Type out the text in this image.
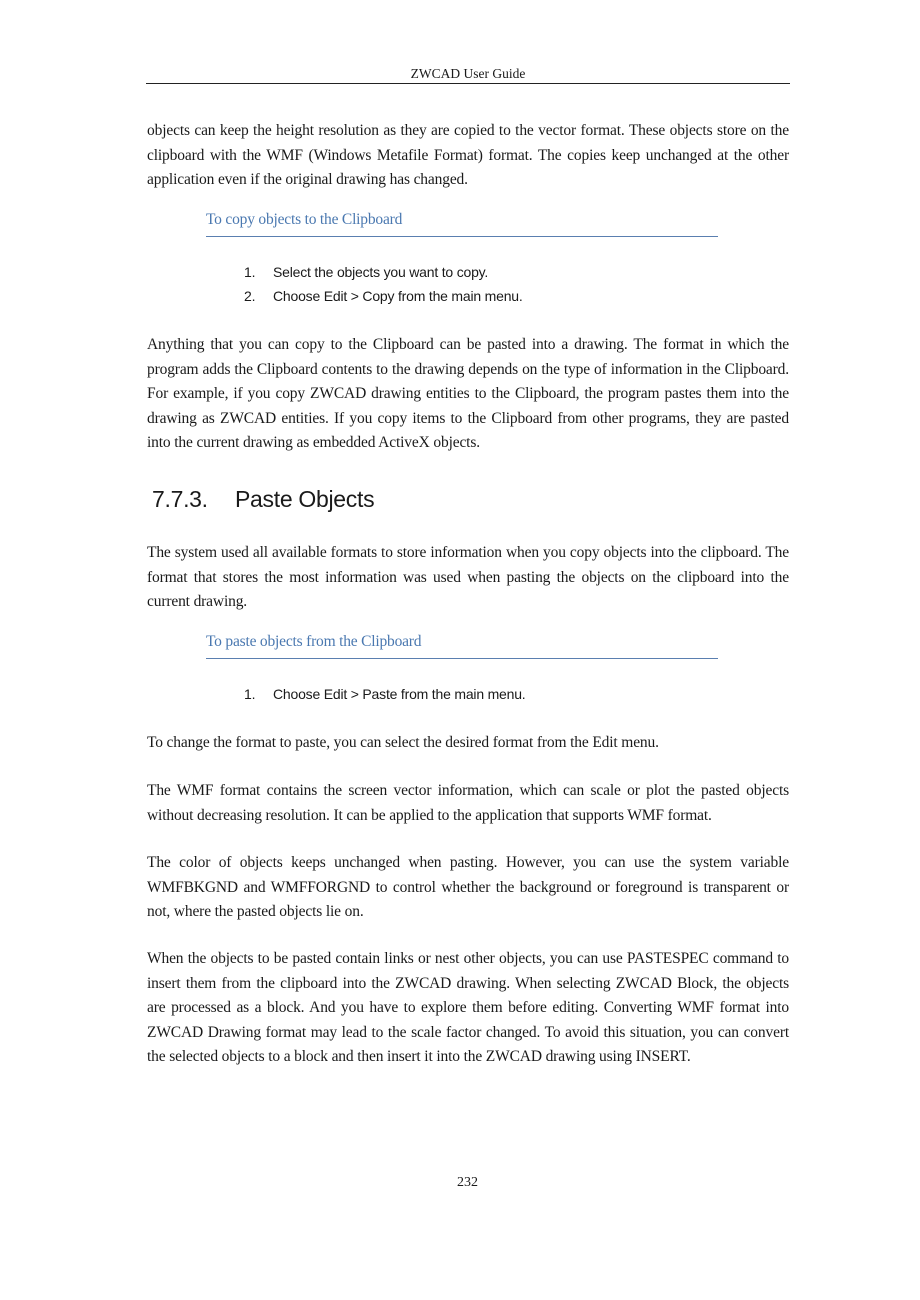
ZWCAD User Guide

objects can keep the height resolution as they are copied to the vector format. These objects store on the clipboard with the WMF (Windows Metafile Format) format. The copies keep unchanged at the other application even if the original drawing has changed.

To copy objects to the Clipboard
1. Select the objects you want to copy.
2. Choose Edit > Copy from the main menu.

Anything that you can copy to the Clipboard can be pasted into a drawing. The format in which the program adds the Clipboard contents to the drawing depends on the type of information in the Clipboard. For example, if you copy ZWCAD drawing entities to the Clipboard, the program pastes them into the drawing as ZWCAD entities. If you copy items to the Clipboard from other programs, they are pasted into the current drawing as embedded ActiveX objects.

7.7.3. Paste Objects

The system used all available formats to store information when you copy objects into the clipboard. The format that stores the most information was used when pasting the objects on the clipboard into the current drawing.

To paste objects from the Clipboard
1. Choose Edit > Paste from the main menu.

To change the format to paste, you can select the desired format from the Edit menu.

The WMF format contains the screen vector information, which can scale or plot the pasted objects without decreasing resolution. It can be applied to the application that supports WMF format.

The color of objects keeps unchanged when pasting. However, you can use the system variable WMFBKGND and WMFFORGND to control whether the background or foreground is transparent or not, where the pasted objects lie on.

When the objects to be pasted contain links or nest other objects, you can use PASTESPEC command to insert them from the clipboard into the ZWCAD drawing. When selecting ZWCAD Block, the objects are processed as a block. And you have to explore them before editing. Converting WMF format into ZWCAD Drawing format may lead to the scale factor changed. To avoid this situation, you can convert the selected objects to a block and then insert it into the ZWCAD drawing using INSERT.

232
